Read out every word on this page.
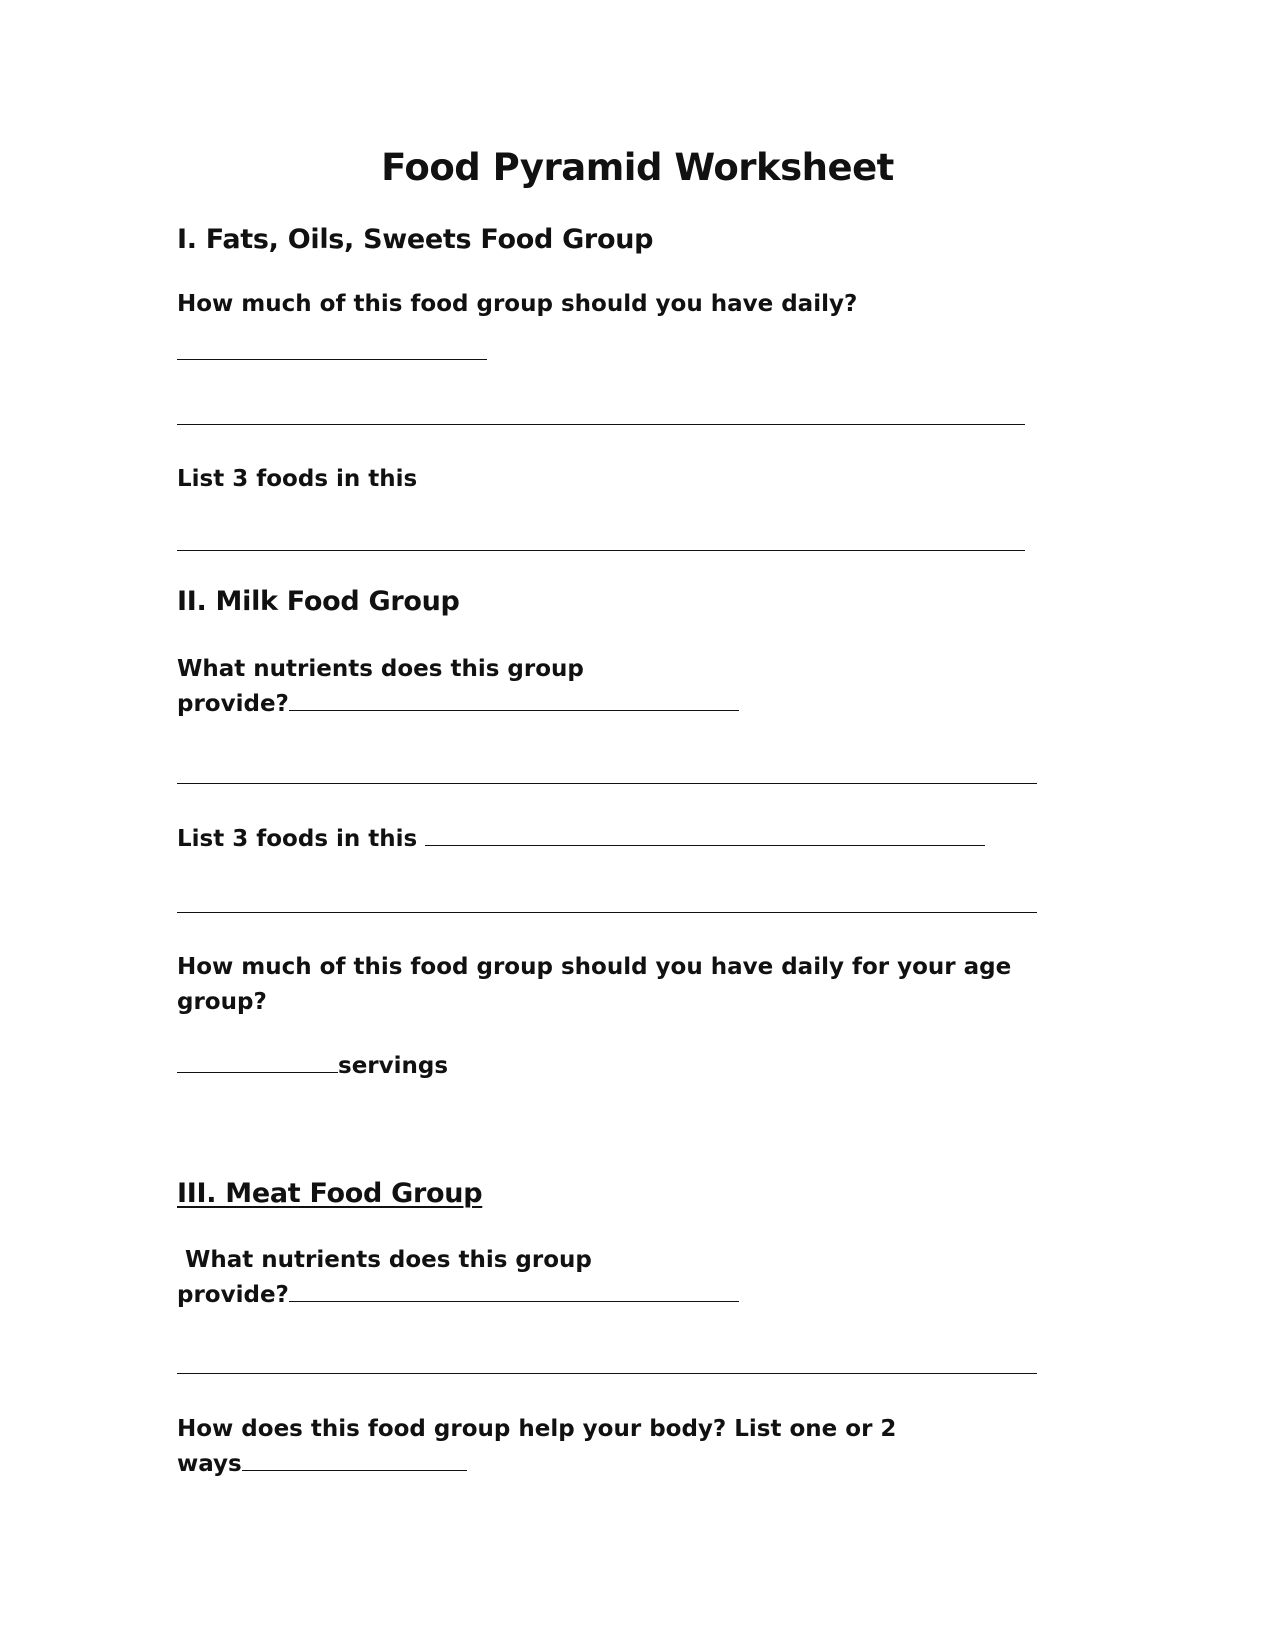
Food Pyramid Worksheet
I. Fats, Oils, Sweets Food Group
How much of this food group should you have daily?
List 3 foods in this
II. Milk Food Group
What nutrients does this group
provide?
List 3 foods in this
How much of this food group should you have daily for your age
group?
servings
III. Meat Food Group
What nutrients does this group
provide?
How does this food group help your body? List one or 2
ways
